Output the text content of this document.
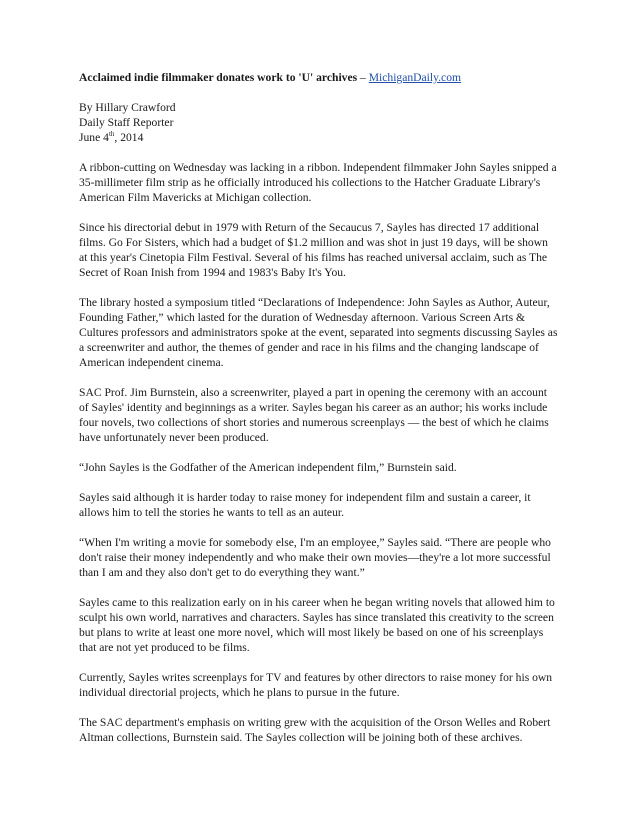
Acclaimed indie filmmaker donates work to 'U' archives – MichiganDaily.com
By Hillary Crawford
Daily Staff Reporter
June 4th, 2014

A ribbon-cutting on Wednesday was lacking in a ribbon. Independent filmmaker John Sayles snipped a 35-millimeter film strip as he officially introduced his collections to the Hatcher Graduate Library's American Film Mavericks at Michigan collection.

Since his directorial debut in 1979 with Return of the Secaucus 7, Sayles has directed 17 additional films. Go For Sisters, which had a budget of $1.2 million and was shot in just 19 days, will be shown at this year's Cinetopia Film Festival. Several of his films has reached universal acclaim, such as The Secret of Roan Inish from 1994 and 1983's Baby It's You.

The library hosted a symposium titled “Declarations of Independence: John Sayles as Author, Auteur, Founding Father,” which lasted for the duration of Wednesday afternoon. Various Screen Arts & Cultures professors and administrators spoke at the event, separated into segments discussing Sayles as a screenwriter and author, the themes of gender and race in his films and the changing landscape of American independent cinema.

SAC Prof. Jim Burnstein, also a screenwriter, played a part in opening the ceremony with an account of Sayles' identity and beginnings as a writer. Sayles began his career as an author; his works include four novels, two collections of short stories and numerous screenplays — the best of which he claims have unfortunately never been produced.

“John Sayles is the Godfather of the American independent film,” Burnstein said.

Sayles said although it is harder today to raise money for independent film and sustain a career, it allows him to tell the stories he wants to tell as an auteur.

“When I'm writing a movie for somebody else, I'm an employee,” Sayles said. “There are people who don't raise their money independently and who make their own movies—they're a lot more successful than I am and they also don't get to do everything they want.”

Sayles came to this realization early on in his career when he began writing novels that allowed him to sculpt his own world, narratives and characters. Sayles has since translated this creativity to the screen but plans to write at least one more novel, which will most likely be based on one of his screenplays that are not yet produced to be films.

Currently, Sayles writes screenplays for TV and features by other directors to raise money for his own individual directorial projects, which he plans to pursue in the future.

The SAC department's emphasis on writing grew with the acquisition of the Orson Welles and Robert Altman collections, Burnstein said. The Sayles collection will be joining both of these archives.
